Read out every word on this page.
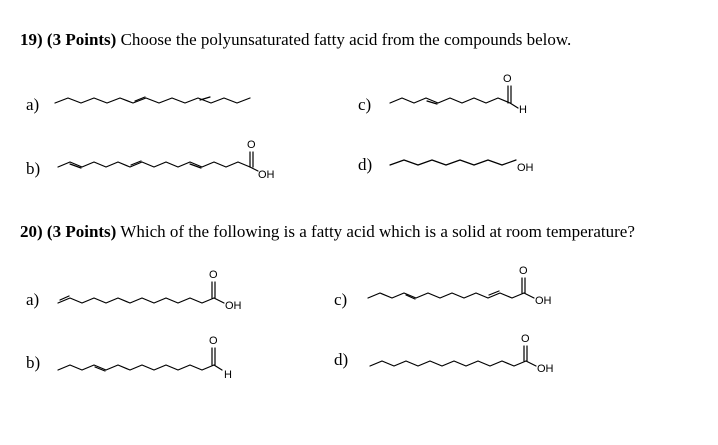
19) (3 Points) Choose the polyunsaturated fatty acid from the compounds below.
a)
b)
c)
d)
O
OH
O
H
OH
20) (3 Points) Which of the following is a fatty acid which is a solid at room temperature?
a)
b)
c)
d)
O
OH
O
H
O
OH
O
OH
